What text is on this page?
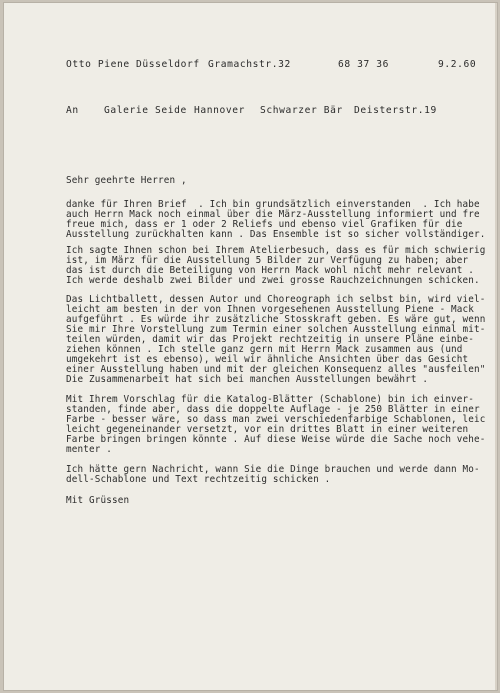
Otto Piene Düsseldorf Gramachstr.32	68 37 36	9.2.60
An	Galerie Seide Hannover Schwarzer Bär Deisterstr.19
Sehr geehrte Herren ,
danke für Ihren Brief  . Ich bin grundsätzlich einverstanden  . Ich habe
auch Herrn Mack noch einmal über die März-Ausstellung informiert und fre
freue mich, dass er 1 oder 2 Reliefs und ebenso viel Grafiken für die
Ausstellung zurückhalten kann . Das Ensemble ist so sicher vollständiger.
Ich sagte Ihnen schon bei Ihrem Atelierbesuch, dass es für mich schwierig
ist, im März für die Ausstellung 5 Bilder zur Verfügung zu haben; aber
das ist durch die Beteiligung von Herrn Mack wohl nicht mehr relevant .
Ich werde deshalb zwei Bilder und zwei grosse Rauchzeichnungen schicken.
Das Lichtballett, dessen Autor und Choreograph ich selbst bin, wird viel-
leicht am besten in der von Ihnen vorgesehenen Ausstellung Piene - Mack
aufgeführt . Es würde ihr zusätzliche Stosskraft geben. Es wäre gut, wenn
Sie mir Ihre Vorstellung zum Termin einer solchen Ausstellung einmal mit-
teilen würden, damit wir das Projekt rechtzeitig in unsere Pläne einbe-
ziehen können . Ich stelle ganz gern mit Herrn Mack zusammen aus (und
umgekehrt ist es ebenso), weil wir ähnliche Ansichten über das Gesicht
einer Ausstellung haben und mit der gleichen Konsequenz alles "ausfeilen"
Die Zusammenarbeit hat sich bei manchen Ausstellungen bewährt .
Mit Ihrem Vorschlag für die Katalog-Blätter (Schablone) bin ich einver-
standen, finde aber, dass die doppelte Auflage - je 250 Blätter in einer
Farbe - besser wäre, so dass man zwei verschiedenfarbige Schablonen, leic
leicht gegeneinander versetzt, vor ein drittes Blatt in einer weiteren
Farbe bringen bringen könnte . Auf diese Weise würde die Sache noch vehe-
menter .
Ich hätte gern Nachricht, wann Sie die Dinge brauchen und werde dann Mo-
dell-Schablone und Text rechtzeitig schicken .
Mit Grüssen
